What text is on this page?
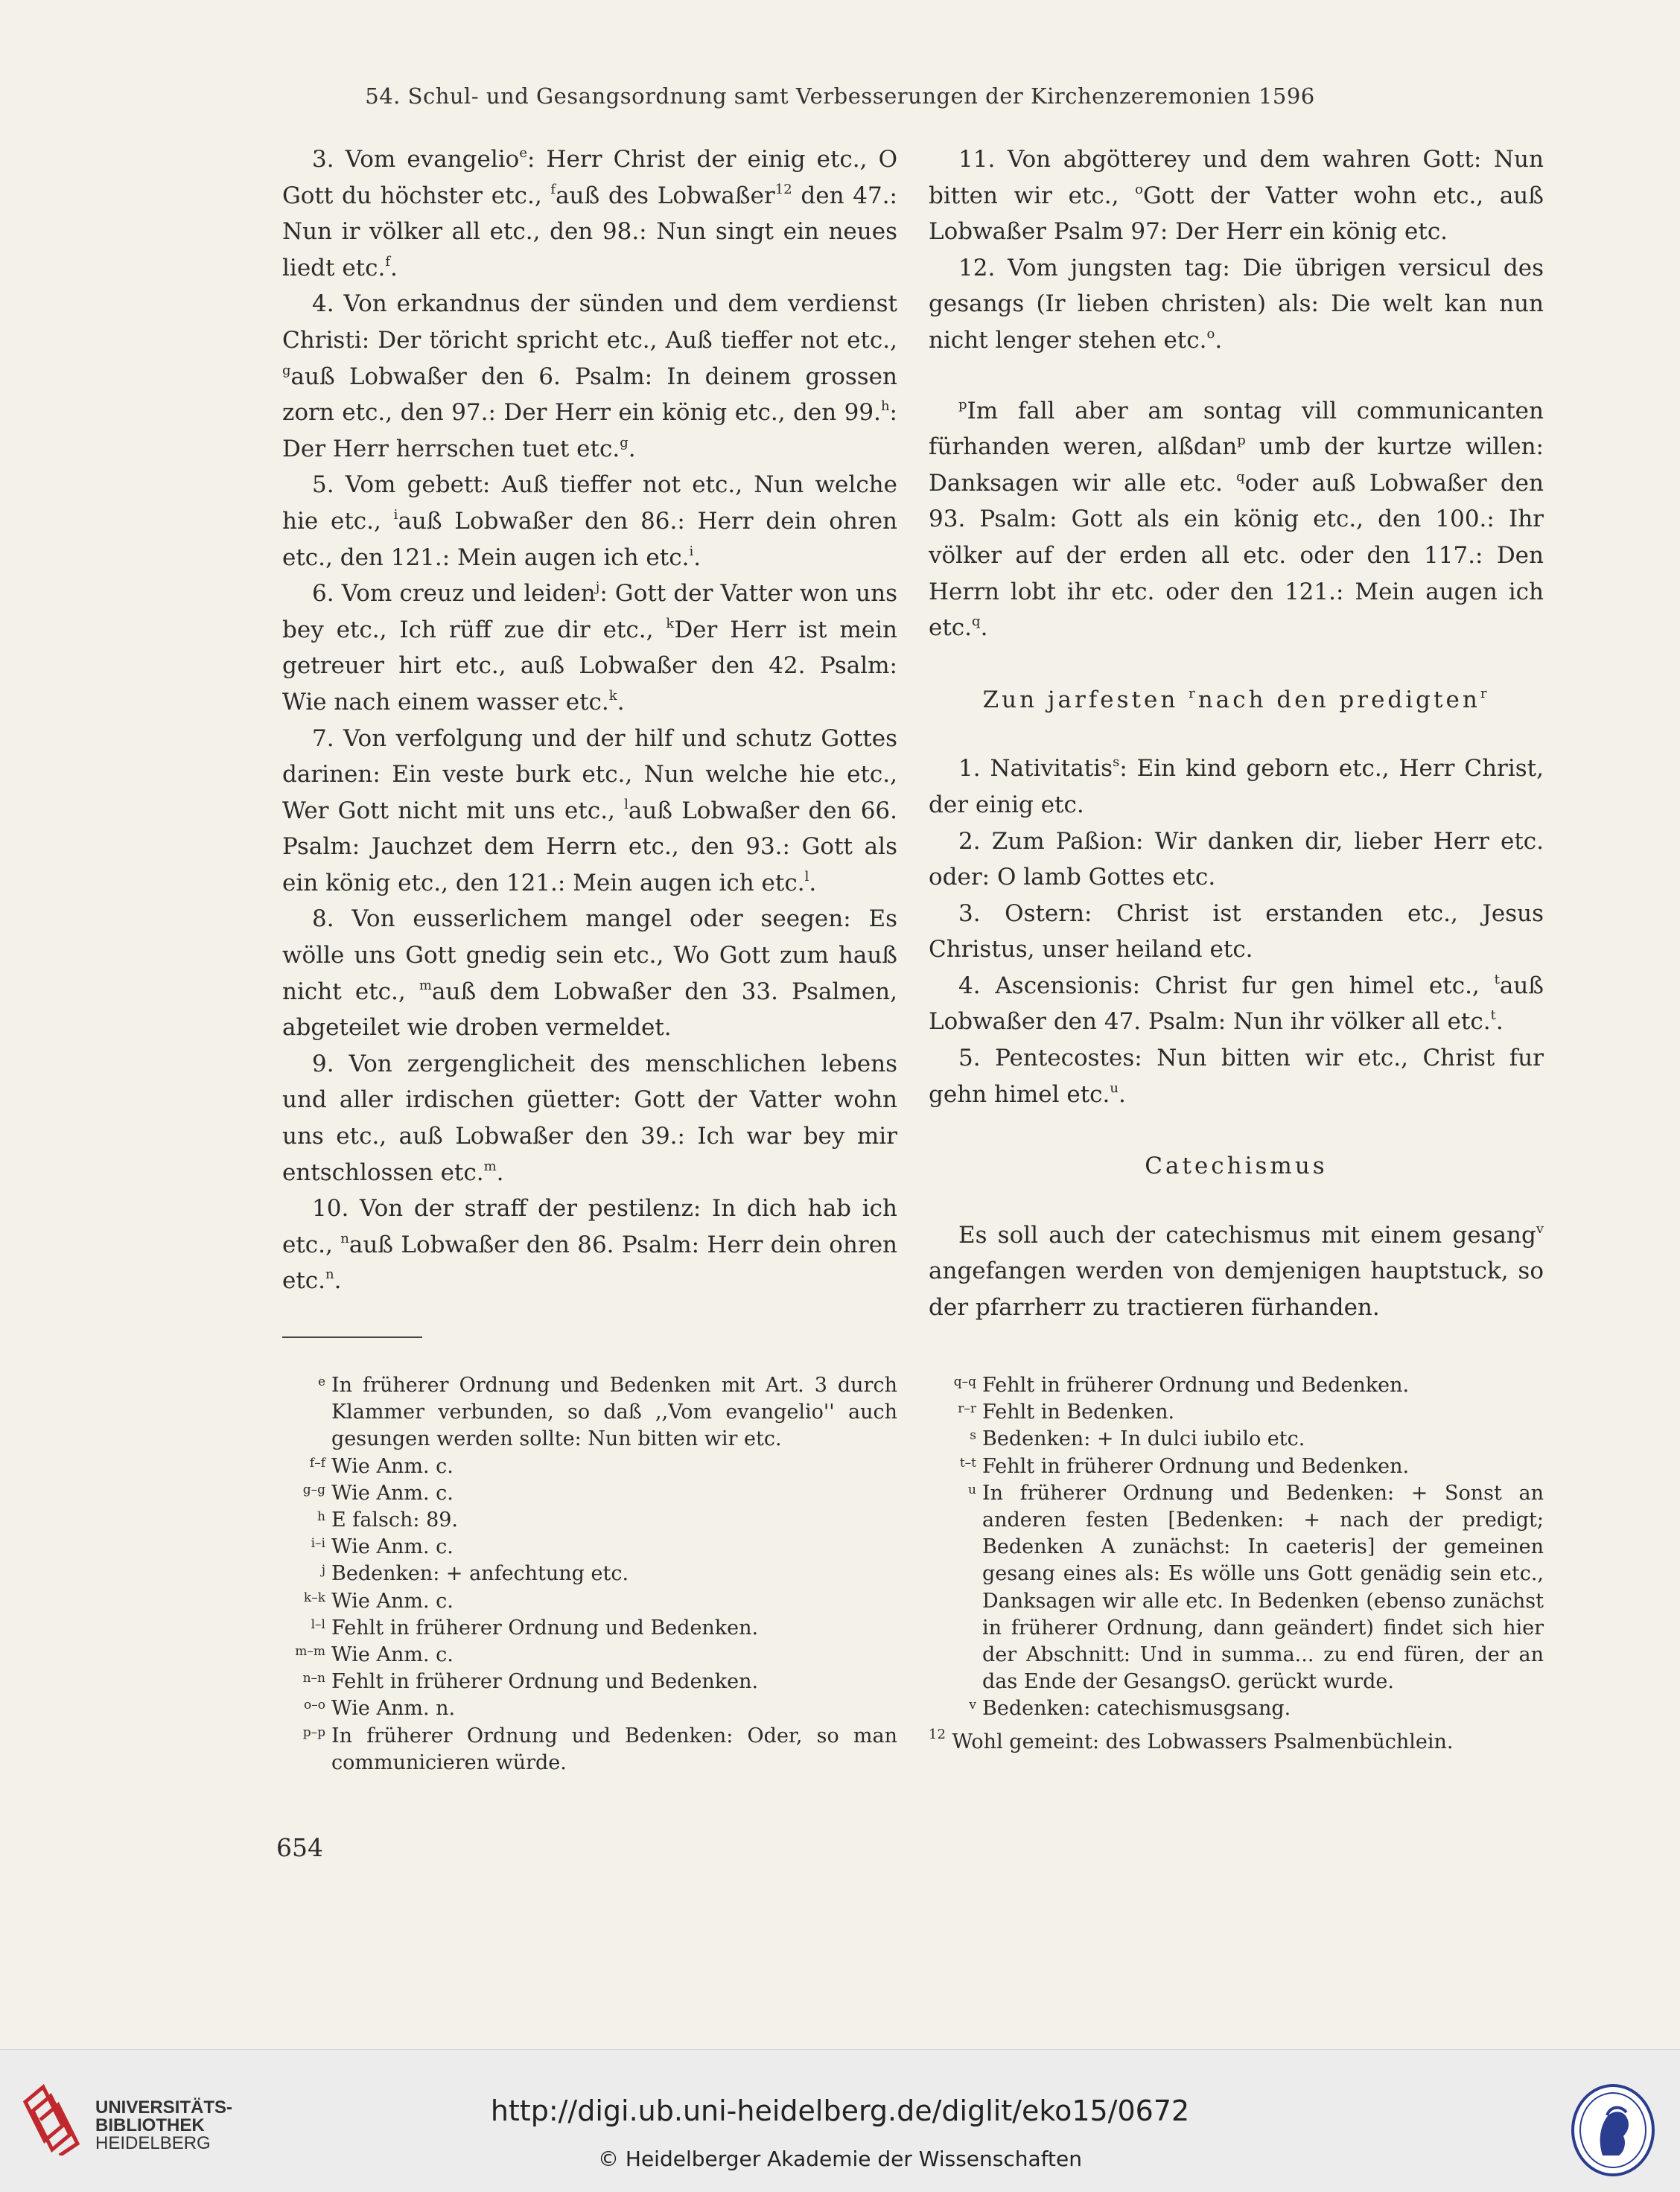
54. Schul- und Gesangsordnung samt Verbesserungen der Kirchenzeremonien 1596

3. Vom evangelio$^e$: Herr Christ der einig etc., O Gott du höchster etc., $^f$auß des Lobwaßer$^{12}$ den 47.: Nun ir völker all etc., den 98.: Nun singt ein neues liedt etc.$^f$.

4. Von erkandnus der sünden und dem verdienst Christi: Der töricht spricht etc., Auß tieffer not etc., $^g$auß Lobwaßer den 6. Psalm: In deinem grossen zorn etc., den 97.: Der Herr ein könig etc., den 99.$^h$: Der Herr herrschen tuet etc.$^g$.

5. Vom gebett: Auß tieffer not etc., Nun welche hie etc., $^i$auß Lobwaßer den 86.: Herr dein ohren etc., den 121.: Mein augen ich etc.$^i$.

6. Vom creuz und leiden$^j$: Gott der Vatter won uns bey etc., Ich rüff zue dir etc., $^k$Der Herr ist mein getreuer hirt etc., auß Lobwaßer den 42. Psalm: Wie nach einem wasser etc.$^k$.

7. Von verfolgung und der hilf und schutz Gottes darinen: Ein veste burk etc., Nun welche hie etc., Wer Gott nicht mit uns etc., $^l$auß Lobwaßer den 66. Psalm: Jauchzet dem Herrn etc., den 93.: Gott als ein könig etc., den 121.: Mein augen ich etc.$^l$.

8. Von eusserlichem mangel oder seegen: Es wölle uns Gott gnedig sein etc., Wo Gott zum hauß nicht etc., $^m$auß dem Lobwaßer den 33. Psalmen, abgeteilet wie droben vermeldet.

9. Von zergenglicheit des menschlichen lebens und aller irdischen güetter: Gott der Vatter wohn uns etc., auß Lobwaßer den 39.: Ich war bey mir entschlossen etc.$^m$.

10. Von der straff der pestilenz: In dich hab ich etc., $^n$auß Lobwaßer den 86. Psalm: Herr dein ohren etc.$^n$.

11. Von abgötterey und dem wahren Gott: Nun bitten wir etc., $^o$Gott der Vatter wohn etc., auß Lobwaßer Psalm 97: Der Herr ein könig etc.

12. Vom jungsten tag: Die übrigen versicul des gesangs (Ir lieben christen) als: Die welt kan nun nicht lenger stehen etc.$^o$.

$^p$Im fall aber am sontag vill communicanten fürhanden weren, alßdan$^p$ umb der kurtze willen: Danksagen wir alle etc. $^q$oder auß Lobwaßer den 93. Psalm: Gott als ein könig etc., den 100.: Ihr völker auf der erden all etc. oder den 117.: Den Herrn lobt ihr etc. oder den 121.: Mein augen ich etc.$^q$.

Zun jarfesten $^r$nach den predigten$^r$

1. Nativitatis$^s$: Ein kind geborn etc., Herr Christ, der einig etc.

2. Zum Paßion: Wir danken dir, lieber Herr etc. oder: O lamb Gottes etc.

3. Ostern: Christ ist erstanden etc., Jesus Christus, unser heiland etc.

4. Ascensionis: Christ fur gen himel etc., $^t$auß Lobwaßer den 47. Psalm: Nun ihr völker all etc.$^t$.

5. Pentecostes: Nun bitten wir etc., Christ fur gehn himel etc.$^u$.

Catechismus

Es soll auch der catechismus mit einem gesang$^v$ angefangen werden von demjenigen hauptstuck, so der pfarrherr zu tractieren fürhanden.

e In früherer Ordnung und Bedenken mit Art. 3 durch Klammer verbunden, so daß ,,Vom evangelio'' auch gesungen werden sollte: Nun bitten wir etc.
f–f Wie Anm. c.
g–g Wie Anm. c.
h E falsch: 89.
i–i Wie Anm. c.
j Bedenken: + anfechtung etc.
k–k Wie Anm. c.
l–l Fehlt in früherer Ordnung und Bedenken.
m–m Wie Anm. c.
n–n Fehlt in früherer Ordnung und Bedenken.
o–o Wie Anm. n.
p–p In früherer Ordnung und Bedenken: Oder, so man communicieren würde.
q–q Fehlt in früherer Ordnung und Bedenken.
r–r Fehlt in Bedenken.
s Bedenken: + In dulci iubilo etc.
t–t Fehlt in früherer Ordnung und Bedenken.
u In früherer Ordnung und Bedenken: + Sonst an anderen festen [Bedenken: + nach der predigt; Bedenken A zunächst: In caeteris] der gemeinen gesang eines als: Es wölle uns Gott genädig sein etc., Danksagen wir alle etc. In Bedenken (ebenso zunächst in früherer Ordnung, dann geändert) findet sich hier der Abschnitt: Und in summa... zu end füren, der an das Ende der GesangsO. gerückt wurde.
v Bedenken: catechismusgsang.
$^{12}$ Wohl gemeint: des Lobwassers Psalmenbüchlein.
654
UNIVERSITÄTS-
BIBLIOTHEK
HEIDELBERG
http://digi.ub.uni-heidelberg.de/diglit/eko15/0672
© Heidelberger Akademie der Wissenschaften
